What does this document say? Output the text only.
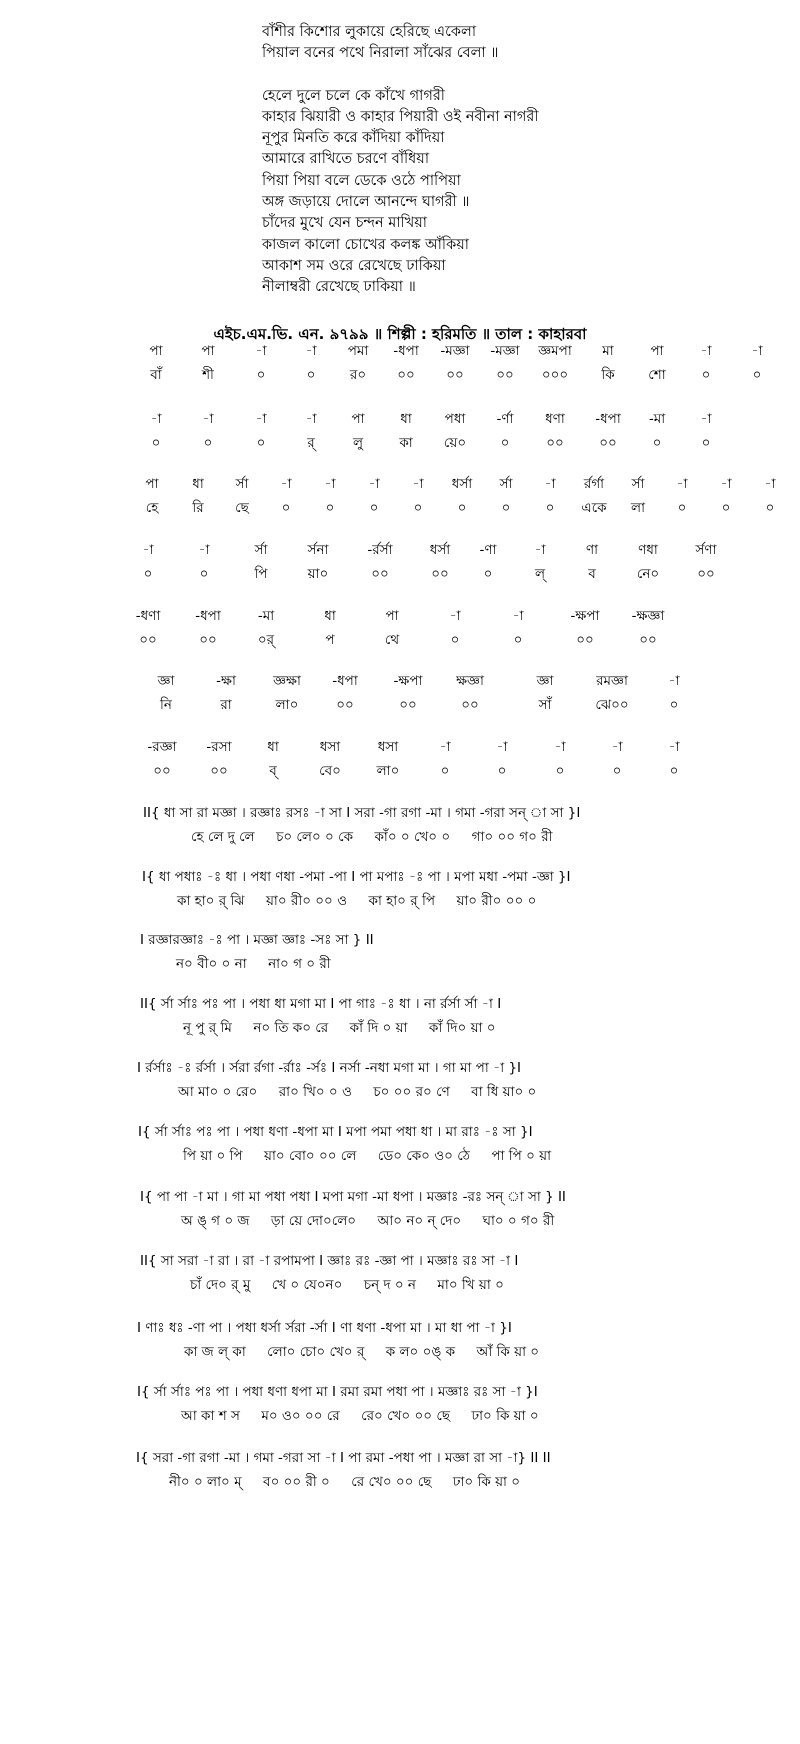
বাঁশীর কিশোর লুকায়ে হেরিছে একেলা
পিয়াল বনের পথে নিরালা সাঁঝের বেলা ॥
হেলে দুলে চলে কে কাঁখে গাগরী
কাহার ঝিয়ারী ও কাহার পিয়ারী ওই নবীনা নাগরী
নূপুর মিনতি করে কাঁদিয়া কাঁদিয়া
আমারে রাখিতে চরণে বাঁধিয়া
পিয়া পিয়া বলে ডেকে ওঠে পাপিয়া
অঙ্গ জড়ায়ে দোলে আনন্দে ঘাগরী ॥
চাঁদের মুখে যেন চন্দন মাখিয়া
কাজল কালো চোখের কলঙ্ক আঁকিয়া
আকাশ সম ওরে রেখেছে ঢাকিয়া
নীলাম্বরী রেখেছে ঢাকিয়া ॥
এইচ.এম.ভি. এন. ৯৭৯৯ ॥ শিল্পী : হরিমতি ॥ তাল : কাহারবা
পা	পা	-া	-া পমা -ধপা -মজ্ঞা -মজ্ঞা জ্ঞমপা মা	পা	-া	-া
বাঁ	শী	০	০	র০ ০০ ০০ ০০ ০০০ কি শো	০	০
-া	-া	-া	-া	পা	ধা পধা -র্ণা ধণা -ধপা -মা	-া
০	০	০	র্	লু	কা য়ে০	০	০০	০০	০	০
পা ধা র্সা -া -া -া -া ধর্সা র্সা -া র্রর্গা র্সা -া -া -া
হে	রি ছে ০	০	০	০	০	০	০ একে লা ০	০	০
-া	-া	র্সা	র্সনা	-র্রর্সা	ধর্সা -ণা	-া	ণা	ণধা	র্সণা
০	০	পি	য়া০	০০	০০	০	ল্	ব	নে০	০০
-ধণা	-ধপা	-মা	ধা	পা	-া	-া	-ক্ষপা -ক্ষজ্ঞা
০০	০০	০র্	প	থে	০	০	০০	০০
জ্ঞা	-ক্ষা	জ্ঞক্ষা -ধপা	-ক্ষপা ক্ষজ্ঞা	জ্ঞা	রমজ্ঞা	-া
নি	রা	লা০	০০	০০	০০	সাঁ	ঝে০০	০
-রজ্ঞা -রসা	ধা	ধসা	ধসা	-া	-া	-া	-া	-া
০০	০০	ব্	বে০	লা০	০	০	০	০	০
II{ ধা সা রা মজ্ঞা । রজ্ঞাঃ রসঃ -া সা I সরা -গা রগা -মা । গমা -গরা সন্ া সা }I
হে লে দু লে     চ০ লে০ ০ কে     কাঁ০ ০ খে০ ০     গা০ ০০ গ০ রী
I{ ধা পধাঃ -ঃ ধা । পধা ণধা -পমা -পা I পা মপাঃ -ঃ পা । মপা মধা -পমা -জ্ঞা }I
কা হা০ র্ ঝি     য়া০ রী০ ০০ ও     কা হা০ র্ পি     য়া০ রী০ ০০ ০
I রজ্ঞারজ্ঞাঃ -ঃ পা । মজ্ঞা জ্ঞাঃ -সঃ সা } II
ন০ বী০ ০ না     না০ গ ০ রী
II{ র্সা র্সাঃ পঃ পা । পধা ধা মগা মা I পা গাঃ -ঃ ধা । না র্রর্সা র্সা -া I
নূ পু র্ মি     ন০ তি ক০ রে     কাঁ দি ০ য়া     কাঁ দি০ য়া ০
I র্রর্সাঃ -ঃ র্রর্সা । র্সরা র্রগা -র্রাঃ -র্সঃ I নর্সা -নধা মগা মা । গা মা পা -া }I
আ মা০ ০ রে০     রা০ খি০ ০ ও     চ০ ০০ র০ ণে     বা ধি য়া০ ০
I{ র্সা র্সাঃ পঃ পা । পধা ধণা -ধপা মা I মপা পমা পধা ধা । মা রাঃ -ঃ সা }I
পি য়া ০ পি     য়া০ বো০ ০০ লে     ডে০ কে০ ও০ ঠে     পা পি ০ য়া
I{ পা পা -া মা । গা মা পধা পধা I মপা মগা -মা ধপা । মজ্ঞাঃ -রঃ সন্ া সা } II
অ ঙ্ গ ০ জ     ড়া য়ে দো০লে০     আ০ ন০ ন্ দে০     ঘা০ ০ গ০ রী
II{ সা সরা -া রা । রা -া রপামপা I জ্ঞাঃ রঃ -জ্ঞা পা । মজ্ঞাঃ রঃ সা -া I
চাঁ দে০ র্ মু     খে ০ যে০ন০     চন্ দ ০ ন     মা০ খি য়া ০
I ণাঃ ধঃ -ণা পা । পধা ধর্সা র্সরা -র্সা I ণা ধণা -ধপা মা । মা ধা পা -া }I
কা জ ল্ কা     লো০ চো০ খে০ র্     ক ল০ ০ঙ্ ক     আঁ কি য়া ০
I{ র্সা র্সাঃ পঃ পা । পধা ধণা ধপা মা I রমা রমা পধা পা । মজ্ঞাঃ রঃ সা -া }I
আ কা শ স     ম০ ও০ ০০ রে     রে০ খে০ ০০ ছে     ঢা০ কি য়া ০
I{ সরা -গা রগা -মা । গমা -গরা সা -া I পা রমা -পধা পা । মজ্ঞা রা সা -া} II II
নী০ ০ লা০ ম্     ব০ ০০ রী ০     রে খে০ ০০ ছে     ঢা০ কি য়া ০
